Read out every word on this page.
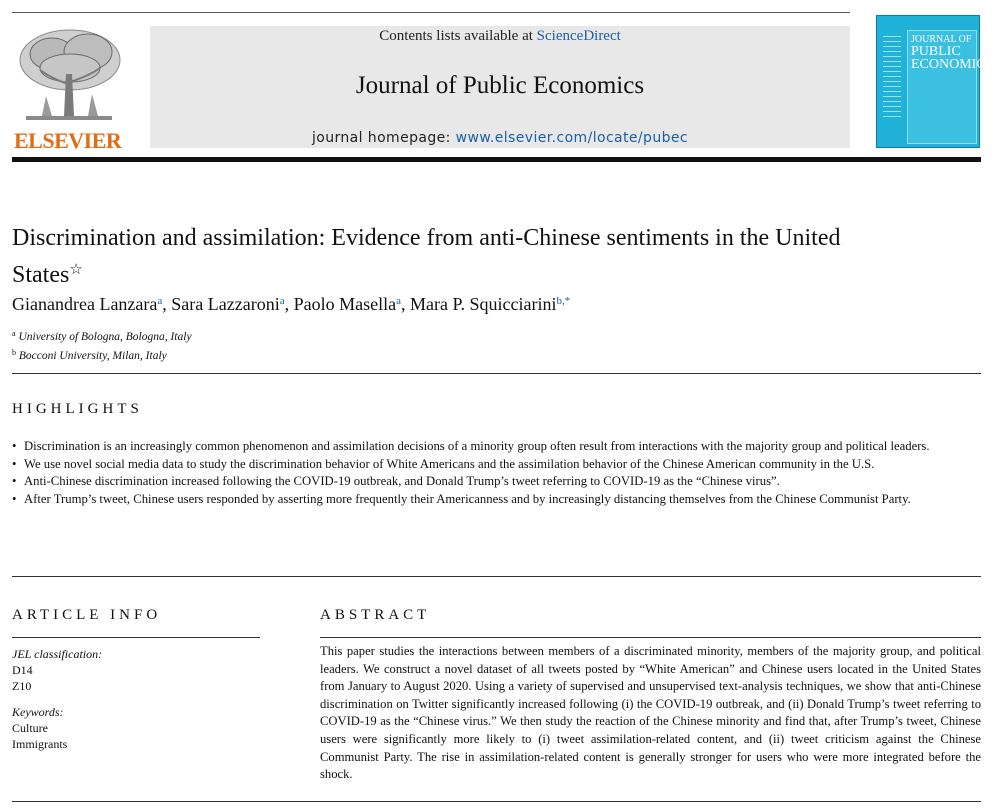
ELSEVIER
Contents lists available at ScienceDirect
Journal of Public Economics
journal homepage: www.elsevier.com/locate/pubec
JOURNAL OF
PUBLIC ECONOMICS
Discrimination and assimilation: Evidence from anti-Chinese sentiments in the United States☆
Gianandrea Lanzara$^a$, Sara Lazzaroni$^a$, Paolo Masella$^a$, Mara P. Squicciarini$^{b,*}$
$^a$ University of Bologna, Bologna, Italy
$^b$ Bocconi University, Milan, Italy
HIGHLIGHTS
• Discrimination is an increasingly common phenomenon and assimilation decisions of a minority group often result from interactions with the majority group and political leaders.
• We use novel social media data to study the discrimination behavior of White Americans and the assimilation behavior of the Chinese American community in the U.S.
• Anti-Chinese discrimination increased following the COVID-19 outbreak, and Donald Trump’s tweet referring to COVID-19 as the “Chinese virus”.
• After Trump’s tweet, Chinese users responded by asserting more frequently their Americanness and by increasingly distancing themselves from the Chinese Communist Party.
ARTICLE INFO
JEL classification:
D14
Z10
Keywords:
Culture
Immigrants
ABSTRACT

This paper studies the interactions between members of a discriminated minority, members of the majority group, and political leaders. We construct a novel dataset of all tweets posted by “White American” and Chinese users located in the United States from January to August 2020. Using a variety of supervised and unsupervised text-analysis techniques, we show that anti-Chinese discrimination on Twitter significantly increased following (i) the COVID-19 outbreak, and (ii) Donald Trump’s tweet referring to COVID-19 as the “Chinese virus.” We then study the reaction of the Chinese minority and find that, after Trump’s tweet, Chinese users were significantly more likely to (i) tweet assimilation-related content, and (ii) tweet criticism against the Chinese Communist Party. The rise in assimilation-related content is generally stronger for users who were more integrated before the shock.
